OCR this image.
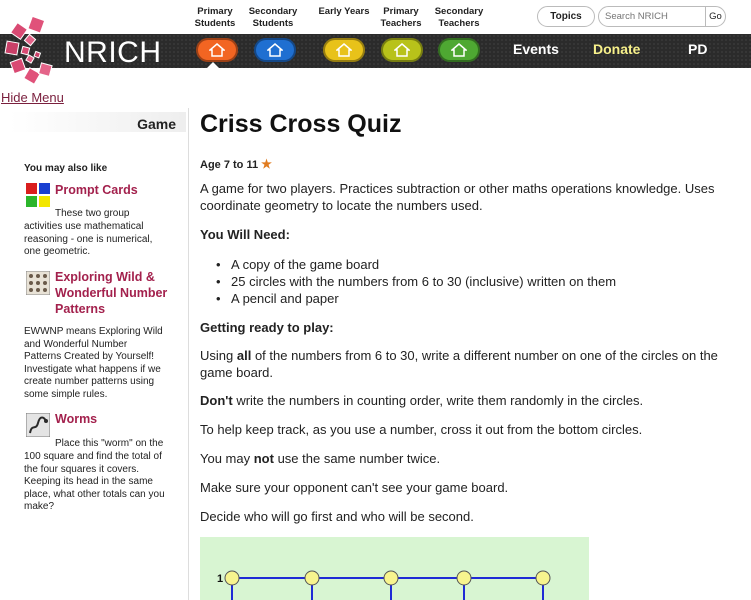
Primary
Students
Secondary
Students
Early Years	Primary
Teachers
Secondary
Teachers
Topics
Search NRICH	Go
NRICH	Events Donate	PD
Hide Menu
Game
You may also like
Prompt Cards
These two group
activities use mathematical
reasoning - one is numerical,
one geometric.
Exploring Wild &
Wonderful Number
Patterns
EWWNP means Exploring Wild
and Wonderful Number
Patterns Created by Yourself!
Investigate what happens if we
create number patterns using
some simple rules.
Worms
Place this "worm" on the
100 square and find the total of
the four squares it covers.
Keeping its head in the same
place, what other totals can you
make?
Criss Cross Quiz
Age 7 to 11 ★

A game for two players. Practices subtraction or other maths operations knowledge. Uses coordinate geometry to locate the numbers used.

You Will Need:
• A copy of the game board
• 25 circles with the numbers from 6 to 30 (inclusive) written on them
• A pencil and paper
Getting ready to play:

Using all of the numbers from 6 to 30, write a different number on one of the circles on the game board.

Don't write the numbers in counting order, write them randomly in the circles.

To help keep track, as you use a number, cross it out from the bottom circles.

You may not use the same number twice.

Make sure your opponent can't see your game board.

Decide who will go first and who will be second.

1
